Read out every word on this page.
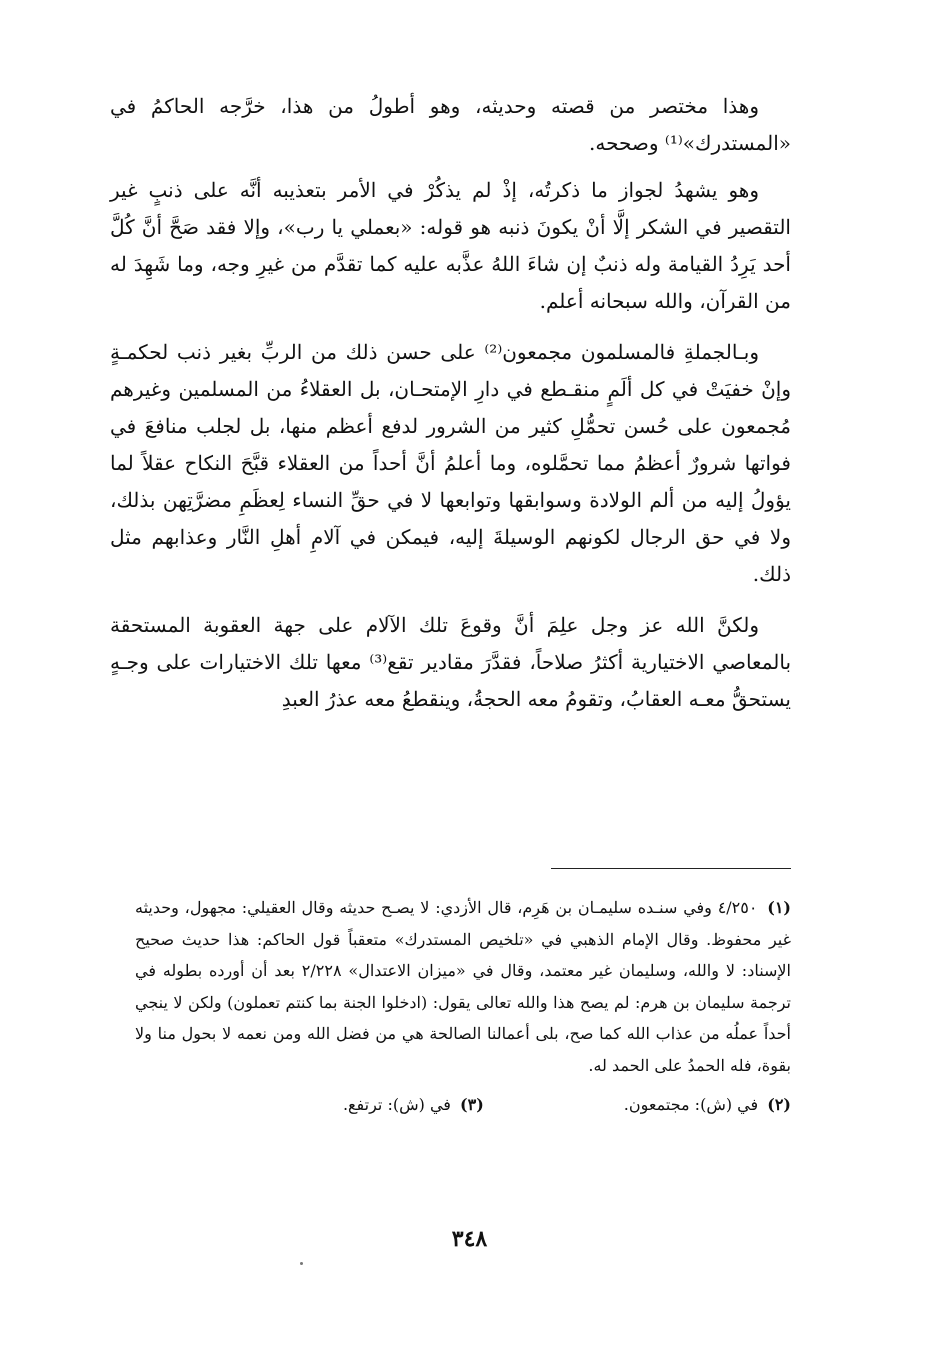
وهذا مختصر من قصته وحديثه، وهو أطولُ من هذا، خرَّجه الحاكمُ في «المستدرك»⁽¹⁾ وصححه.

وهو يشهدُ لجواز ما ذكرتُه، إذْ لم يذكُرْ في الأمر بتعذيبه أنَّه على ذنبٍ غير التقصير في الشكر إلَّا أنْ يكونَ ذنبه هو قوله: «بعملي يا رب»، وإلا فقد صَحَّ أنَّ كُلَّ أحد يَرِدُ القيامة وله ذنبٌ إن شاءَ اللهُ عذَّبه عليه كما تقدَّم من غيرِ وجه، وما شَهِدَ له من القرآن، والله سبحانه أعلم.

وبـالجملةِ فالمسلمون مجمعون⁽²⁾ على حسن ذلك من الربِّ بغير ذنب لحكمـةٍ وإنْ خفيَتْ في كل ألَمٍ منقـطع في دارِ الإمتحـان، بل العقلاءُ من المسلمين وغيرهم مُجمعون على حُسن تحمُّلِ كثير من الشرور لدفع أعظم منها، بل لجلب منافعَ في فواتها شرورٌ أعظمُ مما تحمَّلوه، وما أعلمُ أنَّ أحداً من العقلاء قبَّحَ النكاح عقلاً لما يؤولُ إليه من ألم الولادة وسوابقها وتوابعها لا في حقِّ النساء لِعظَمِ مضرَّتِهن بذلك، ولا في حق الرجال لكونهم الوسيلةَ إليه، فيمكن في آلامِ أهلِ النَّار وعذابهم مثل ذلك.

ولكنَّ الله عز وجل علِمَ أنَّ وقوعَ تلك الآلام على جهة العقوبة المستحقة بالمعاصي الاختيارية أكثرُ صلاحاً، فقدَّرَ مقادير تقع⁽³⁾ معها تلك الاختيارات على وجـهٍ يستحقُّ معـه العقابُ، وتقومُ معه الحجةُ، وينقطعُ معه عذرُ العبدِ

(١) ٤/٢٥٠ وفي سنـده سليمـان بن هَرِم، قال الأزدي: لا يصـح حديثه وقال العقيلي: مجهول، وحديثه غير محفوظ. وقال الإمام الذهبي في «تلخيص المستدرك» متعقباً قول الحاكم: هذا حديث صحيح الإسناد: لا والله، وسليمان غير معتمد، وقال في «ميزان الاعتدال» ٢/٢٢٨ بعد أن أورده بطوله في ترجمة سليمان بن هرم: لم يصح هذا والله تعالى يقول: (ادخلوا الجنة بما كنتم تعملون) ولكن لا ينجي أحداً عملُه من عذاب الله كما صح، بلى أعمالنا الصالحة هي من فضل الله ومن نعمه لا بحول منا ولا بقوة، فله الحمدُ على الحمد له.

(٢) في (ش): مجتمعون.

(٣) في (ش): ترتفع.

٣٤٨
